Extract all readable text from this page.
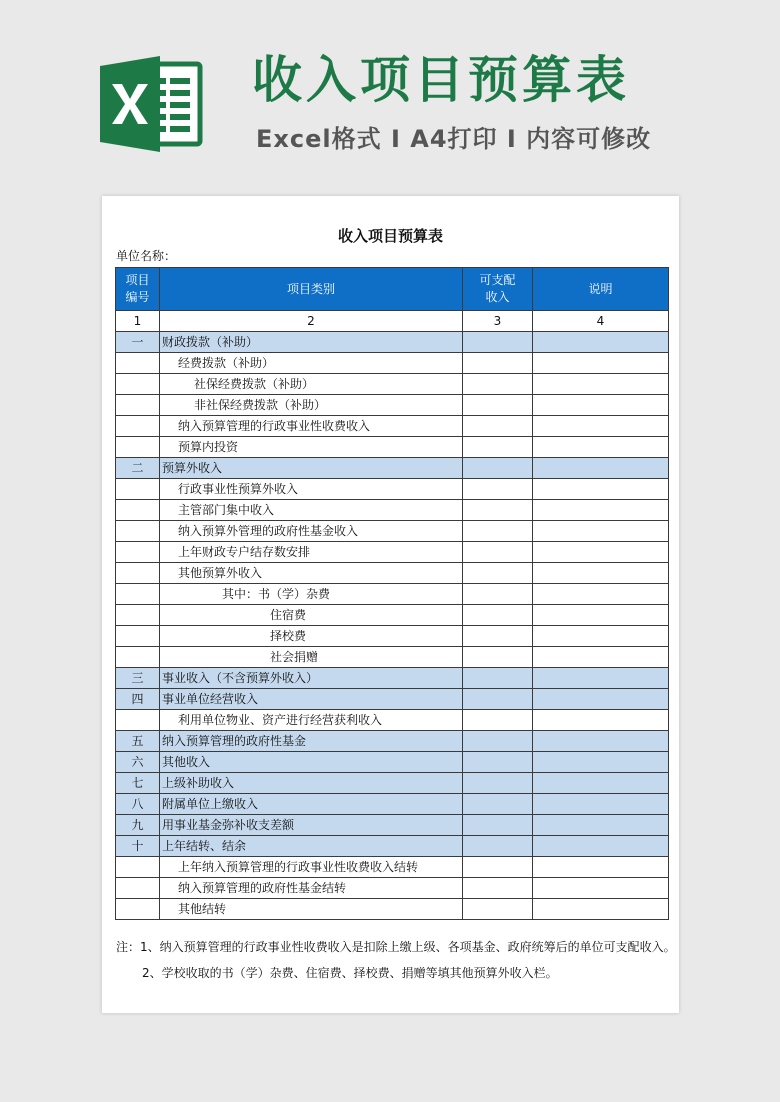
收入项目预算表
Excel格式 I A4打印 I 内容可修改
收入项目预算表
单位名称：
项目编号	项目类别	可支配收入	说明
1	2	3	4
一	财政拨款（补助）		
	经费拨款（补助）		
	社保经费拨款（补助）		
	非社保经费拨款（补助）		
	纳入预算管理的行政事业性收费收入		
	预算内投资		
二	预算外收入		
	行政事业性预算外收入		
	主管部门集中收入		
	纳入预算外管理的政府性基金收入		
	上年财政专户结存数安排		
	其他预算外收入		
	其中：书（学）杂费		
	住宿费		
	择校费		
	社会捐赠		
三	事业收入（不含预算外收入）		
四	事业单位经营收入		
	利用单位物业、资产进行经营获利收入		
五	纳入预算管理的政府性基金		
六	其他收入		
七	上级补助收入		
八	附属单位上缴收入		
九	用事业基金弥补收支差额		
十	上年结转、结余		
	上年纳入预算管理的行政事业性收费收入结转		
	纳入预算管理的政府性基金结转		
	其他结转		

注：1、纳入预算管理的行政事业性收费收入是扣除上缴上级、各项基金、政府统筹后的单位可支配收入。

2、学校收取的书（学）杂费、住宿费、择校费、捐赠等填其他预算外收入栏。
